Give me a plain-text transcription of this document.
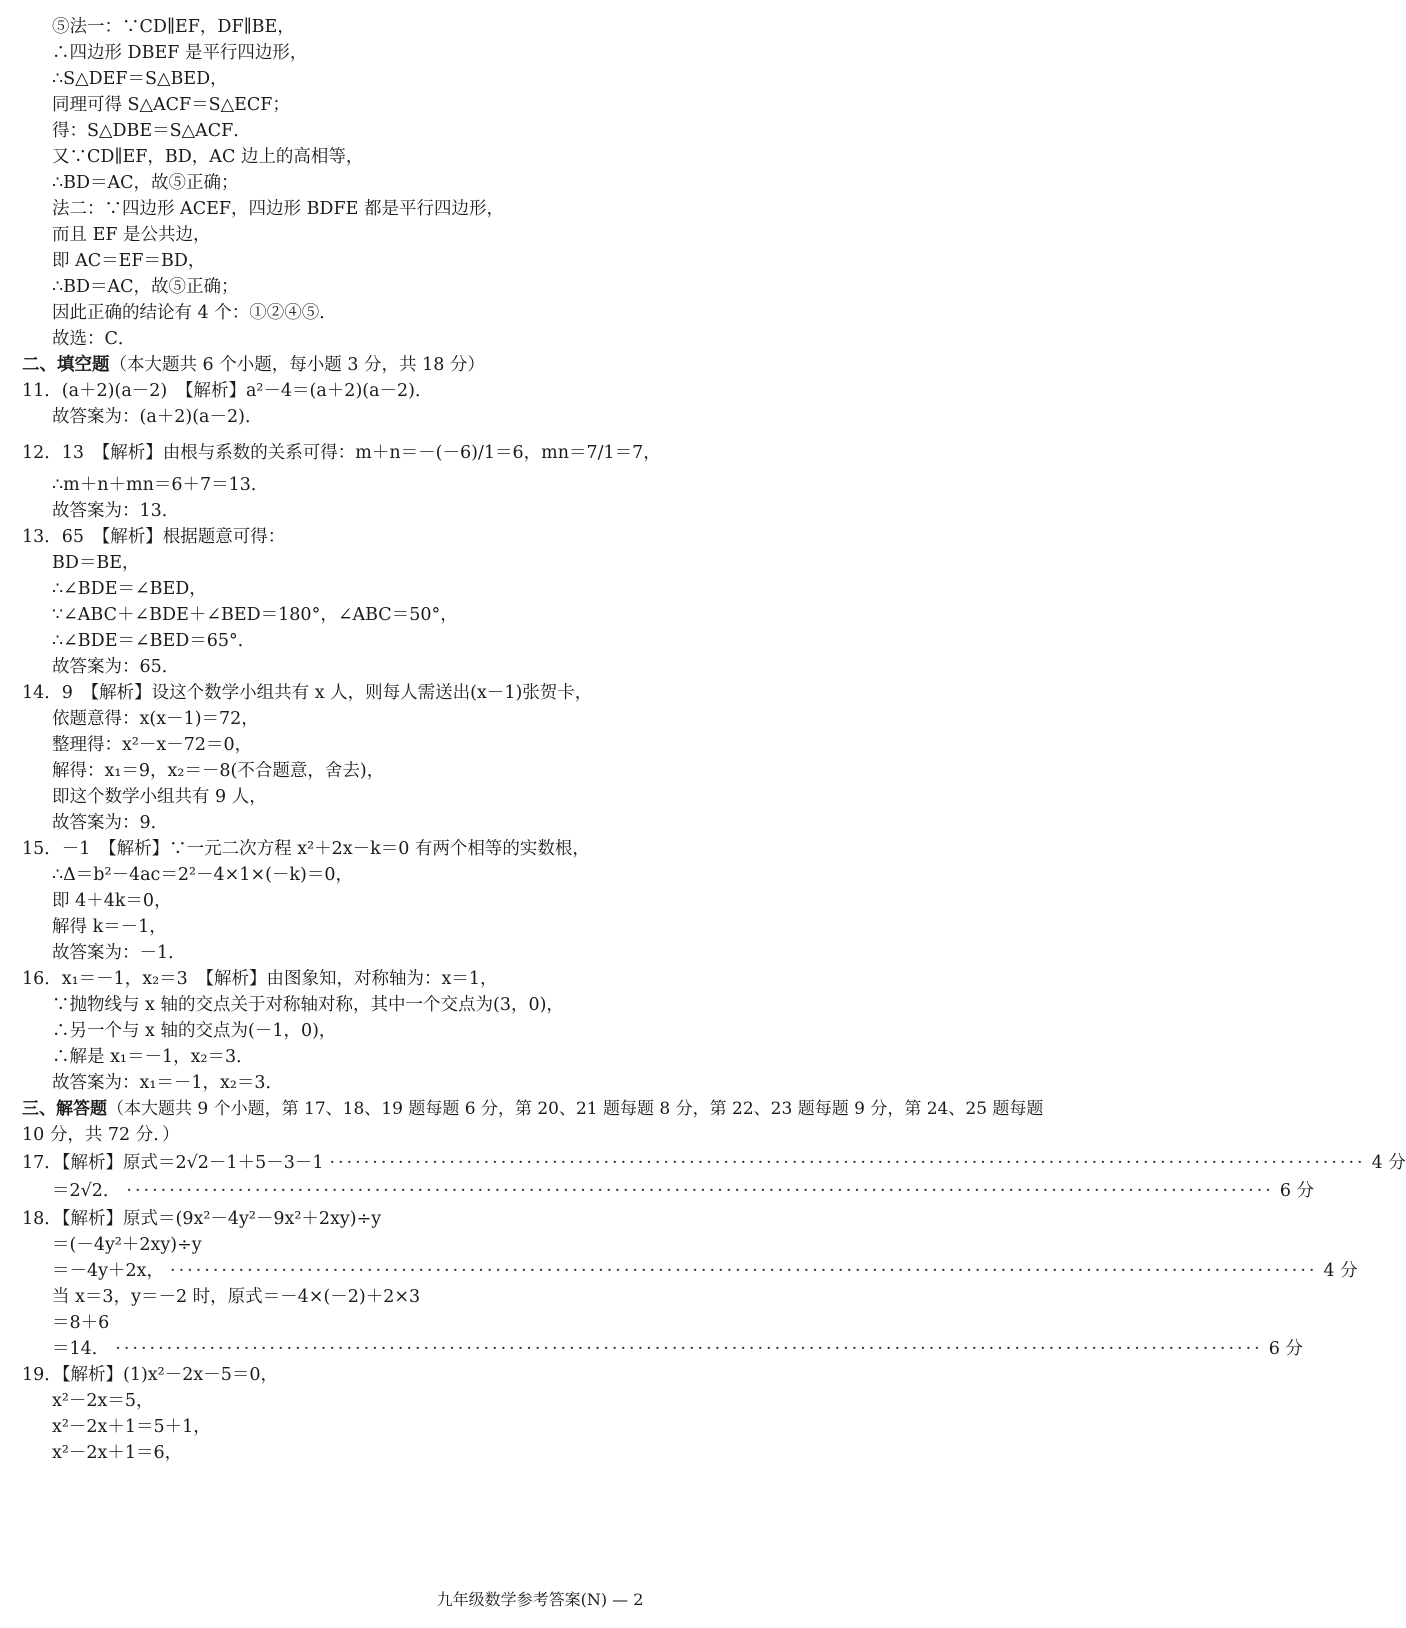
⑤法一：∵CD∥EF，DF∥BE，
∴四边形 DBEF 是平行四边形，
∴S△DEF＝S△BED，
同理可得 S△ACF＝S△ECF；
得：S△DBE＝S△ACF．
又∵CD∥EF，BD，AC 边上的高相等，
∴BD＝AC，故⑤正确；
法二：∵四边形 ACEF，四边形 BDFE 都是平行四边形，
而且 EF 是公共边，
即 AC＝EF＝BD，
∴BD＝AC，故⑤正确；
因此正确的结论有 4 个：①②④⑤．
故选：C．
二、填空题（本大题共 6 个小题，每小题 3 分，共 18 分）
11．(a＋2)(a－2)　【解析】a²－4＝(a＋2)(a－2)．
故答案为：(a＋2)(a－2)．
12．13　【解析】由根与系数的关系可得：m＋n＝－(－6)/1＝6，mn＝7/1＝7，
∴m＋n＋mn＝6＋7＝13．
故答案为：13．
13．65　【解析】根据题意可得：
BD＝BE，
∴∠BDE＝∠BED，
∵∠ABC＋∠BDE＋∠BED＝180°，∠ABC＝50°，
∴∠BDE＝∠BED＝65°．
故答案为：65．
14．9　【解析】设这个数学小组共有 x 人，则每人需送出(x－1)张贺卡，
依题意得：x(x－1)＝72，
整理得：x²－x－72＝0，
解得：x₁＝9，x₂＝－8(不合题意，舍去)，
即这个数学小组共有 9 人，
故答案为：9．
15．－1　【解析】∵一元二次方程 x²＋2x－k＝0 有两个相等的实数根，
∴Δ＝b²－4ac＝2²－4×1×(－k)＝0，
即 4＋4k＝0，
解得 k＝－1，
故答案为：－1．
16．x₁＝－1，x₂＝3　【解析】由图象知，对称轴为：x＝1，
∵抛物线与 x 轴的交点关于对称轴对称，其中一个交点为(3，0)，
∴另一个与 x 轴的交点为(－1，0)，
∴解是 x₁＝－1，x₂＝3．
故答案为：x₁＝－1，x₂＝3．
三、解答题（本大题共 9 个小题，第 17、18、19 题每题 6 分，第 20、21 题每题 8 分，第 22、23 题每题 9 分，第 24、25 题每题
10 分，共 72 分．）
17．【解析】原式＝2√2－1＋5－3－1 ························································································································· 4 分
＝2√2． ······································································································································ 6 分
18．【解析】原式＝(9x²－4y²－9x²＋2xy)÷y
＝(－4y²＋2xy)÷y
＝－4y＋2x， ······································································································································ 4 分
当 x＝3，y＝－2 时，原式＝－4×(－2)＋2×3
＝8＋6
＝14． ······································································································································ 6 分
19．【解析】(1)x²－2x－5＝0，
x²－2x＝5，
x²－2x＋1＝5＋1，
x²－2x＋1＝6，
九年级数学参考答案(N) — 2
